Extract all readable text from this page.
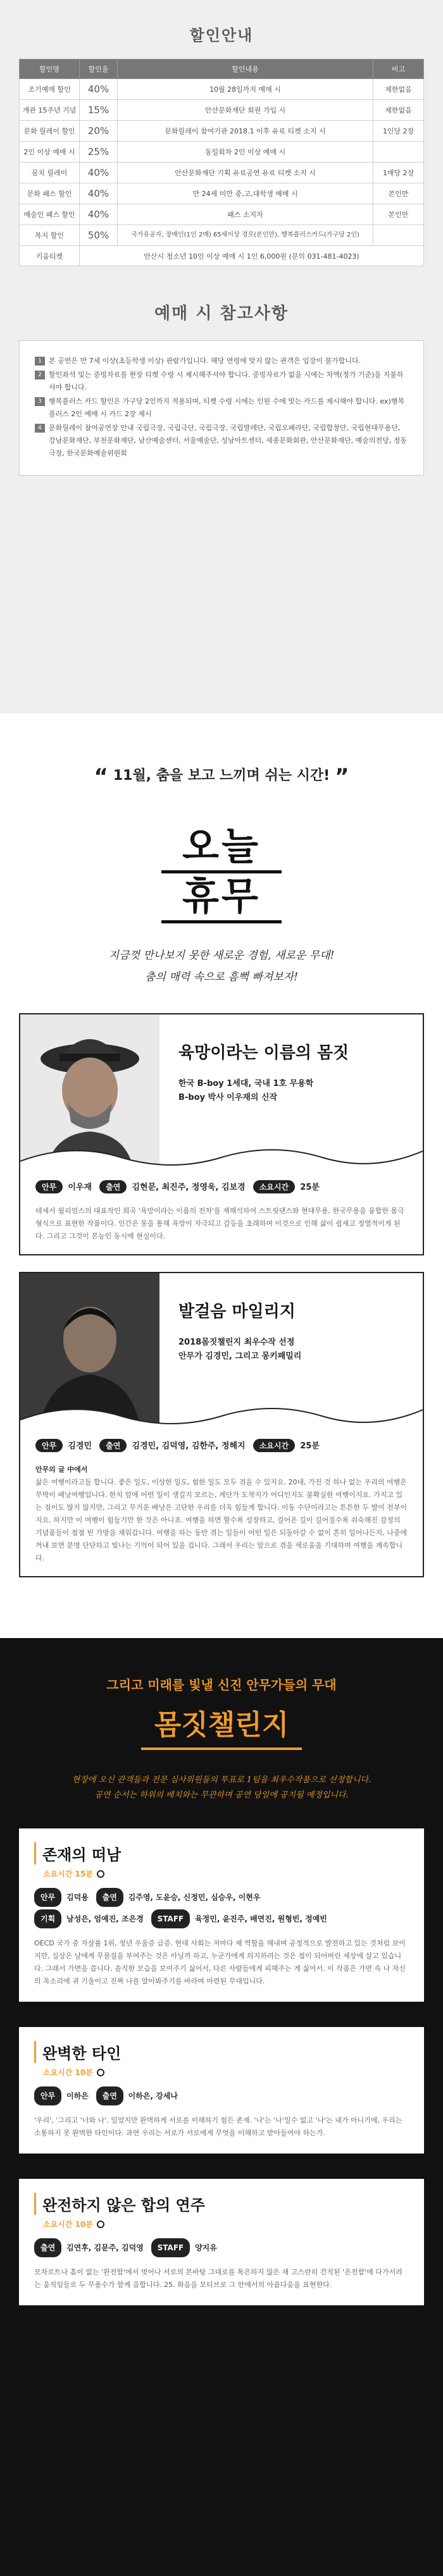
할인안내
할인명	할인율	할인내용	비고
조기예매 할인	40%	10월 28일까지 예매 시	제한없음
개관 15주년 기념	15%	안산문화재단 회원 가입 시	제한없음
문화 릴레이 할인	20%	문화릴레이 참여기관 2018.1 이후 유료 티켓 소지 시	1인당 2장
2인 이상 예매 시	25%	동일회차 2인 이상 예매 시	
꿈치 릴레이	40%	안산문화재단 기획 유료공연 유료 티켓 소지 시	1매당 2장
문화 패스 할인	40%	만 24세 미만 중,고,대학생 예매 시	본인만
예술인 패스 할인	40%	패스 소지자	본인만
복지 할인	50%	국가유공자, 장애인(1인 2매) 65세이상 경로(본인만), 행복플러스카드(가구당 2인)	
키움티켓	안산시 청소년 10인 이상 예매 시 1인 6,000원 (문의 031-481-4023)		
예매 시 참고사항
1	본 공연은 만 7세 이상(초등학생 이상) 관람가입니다. 해당 연령에 맞지 않는 관객은 입장이 불가합니다.
2	할인좌석 및는 증빙자료를 현장 티켓 수령 시 제시해주셔야 합니다. 증빙자료가 없을 시에는 차액(정가 기준)을 지불하셔야 합니다.
3	행복플러스 카드 할인은 가구당 2인까지 적용되며, 티켓 수령 시에는 인원 수에 맞는 카드를 제시해야 합니다. ex)행복플러스 2인 예매 시 카드 2장 제시
4	문화릴레이 참여공연장 안내 국립극장, 국립극단, 국립극장, 국립발레단, 국립오페라단, 국립합창단, 국립현대무용단, 강남문화재단, 부천문화재단, 남산예술센터, 서울예술단, 성남아트센터, 세종문화회관, 안산문화재단, 예술의전당, 정동극장, 한국문화예술위원회
“ 11월, 춤을 보고 느끼며 쉬는 시간! ”
오늘
휴무
지금껏 만나보지 못한 새로운 경험, 새로운 무대!
춤의 매력 속으로 흠뻑 빠져보자!
육망이라는 이름의 몸짓

한국 B-boy 1세대, 국내 1호 무용학

B-boy 박사 이우재의 신작

안무 이우재 출연 김현문, 최진주, 정영욱, 김보경 소요시간 25분
테세서 월리엄스의 대표작인 희곡 '욕망이라는 이름의 전차'를 재해석하여 스트릿댄스와 현대무용, 한국무용을 융합한 몸극형식으로 표현한 작품이다. 인간은 몽을 통해 욕망이 자극되고 갈등을 초래하며 이것으로 인해 삶이 쉽세고 정열적이게 된다. 그리고 그것이 본능인 동시에 현실이다.
발걸음 마일리지

2018몸짓챌린지 최우수작 선정

안무가 김경민, 그리고 몽키패밀리

안무 김경민 출연 김경민, 김덕영, 김한주, 정해지 소요시간 25분
안무의 글 中에서
삶은 여행이라고들 합니다. 좋은 일도, 이상한 일도, 험한 일도 모두 겪을 수 있지요. 20대, 가진 것 하나 없는 우리의 여행은 무박이 배낭여행입니다. 한치 앞에 어떤 일이 생길지 모르는, 계단가 도착지가 어디인지도 불확실한 여행이지요. 가지고 있는 짐이도 많지 않지만, 그리고 무거운 배낭은 고단한 우리를 더욱 힘들게 합니다. 이동 수단이라고는 튼튼한 두 발이 전부이지요. 하지만 이 여행이 힘들기만 한 것은 아니죠. 여행을 하면 할수록 성장하고, 걸어온 길이 길어질수록 쉬숙해진 감정의 기념품들이 점점 빈 가방을 채워갑니다. 여행을 하는 동안 겪는 일들이 어떤 일은 되돌아갈 수 없이 흔히 일어나든지, 나중에 꺼내 보면 분명 단단하고 빛나는 기억이 되어 있을 겁니다. 그래서 우리는 앞으로 겪을 새로움을 기대하며 여행을 계속합니다.
그리고 미래를 빛낼 신진 안무가들의 무대
몸짓챌린지
현장에 오신 관객들과 전문 심사위원들의 투표로 1팀을 최우수작품으로 선정합니다.
공연 순서는 하위의 배치와는 무관하며 공연 당일에 공지될 예정입니다.
존재의 떠남
소요시간 15분
안무 김덕용 출연 김주영, 도윤승, 신정민, 심승우, 이현우
기획 남성은, 엄예진, 조은경 STAFF 육정민, 윤진주, 배연진, 원형빈, 정예빈
OECD 국가 중 자살률 1위, 청년 우울증 급증. 현대 사회는 저마다 제 역할을 해내며 공정적으로 발전하고 있는 것처럼 보이지만, 실상은 날에게 무물질을 부여주는 것은 아닐까 하고, 누군가에게 의지하려는 것은 점이 되어버린 세상에 살고 있습니다. 그래서 가면을 씁니다. 솔직한 모습을 보여주기 싫어서, 다른 사람들에게 피해주는 게 싫어서. 이 작품은 가면 속 나 자신의 목소리에 귀 기울이고 진짜 나를 알아봐주기를 바라며 마련된 무대입니다.
완벽한 타인
소요시간 10분
안무 이하은 출연 이하은, 강세나
'우리', '그리고 '너와 나'. 일었지만 완벽하게 서로를 이해하기 힘든 존재. '나'는 '나'일수 없고 '나'는 내가 아니기에, 우리는 소통하지 못 완벽한 타인이다. 과연 우리는 서로가 서로에게 무엇을 이해하고 받아들여야 하는가.
완전하지 않은 합의 연주
소요시간 10분
출연 김연후, 김문주, 김덕영 STAFF 양지유
모차르트나 흠이 없는 '완전함'에서 벗어나 서로의 본바탕 그대로를 톡은하지 않은 채 고스란히 간직된 '온전함'에 다가서려는 움직임들로 두 무용수가 함께 읍합니다. 25. 화음을 모티브로 그 안에서의 아름다움을 표현한다.
